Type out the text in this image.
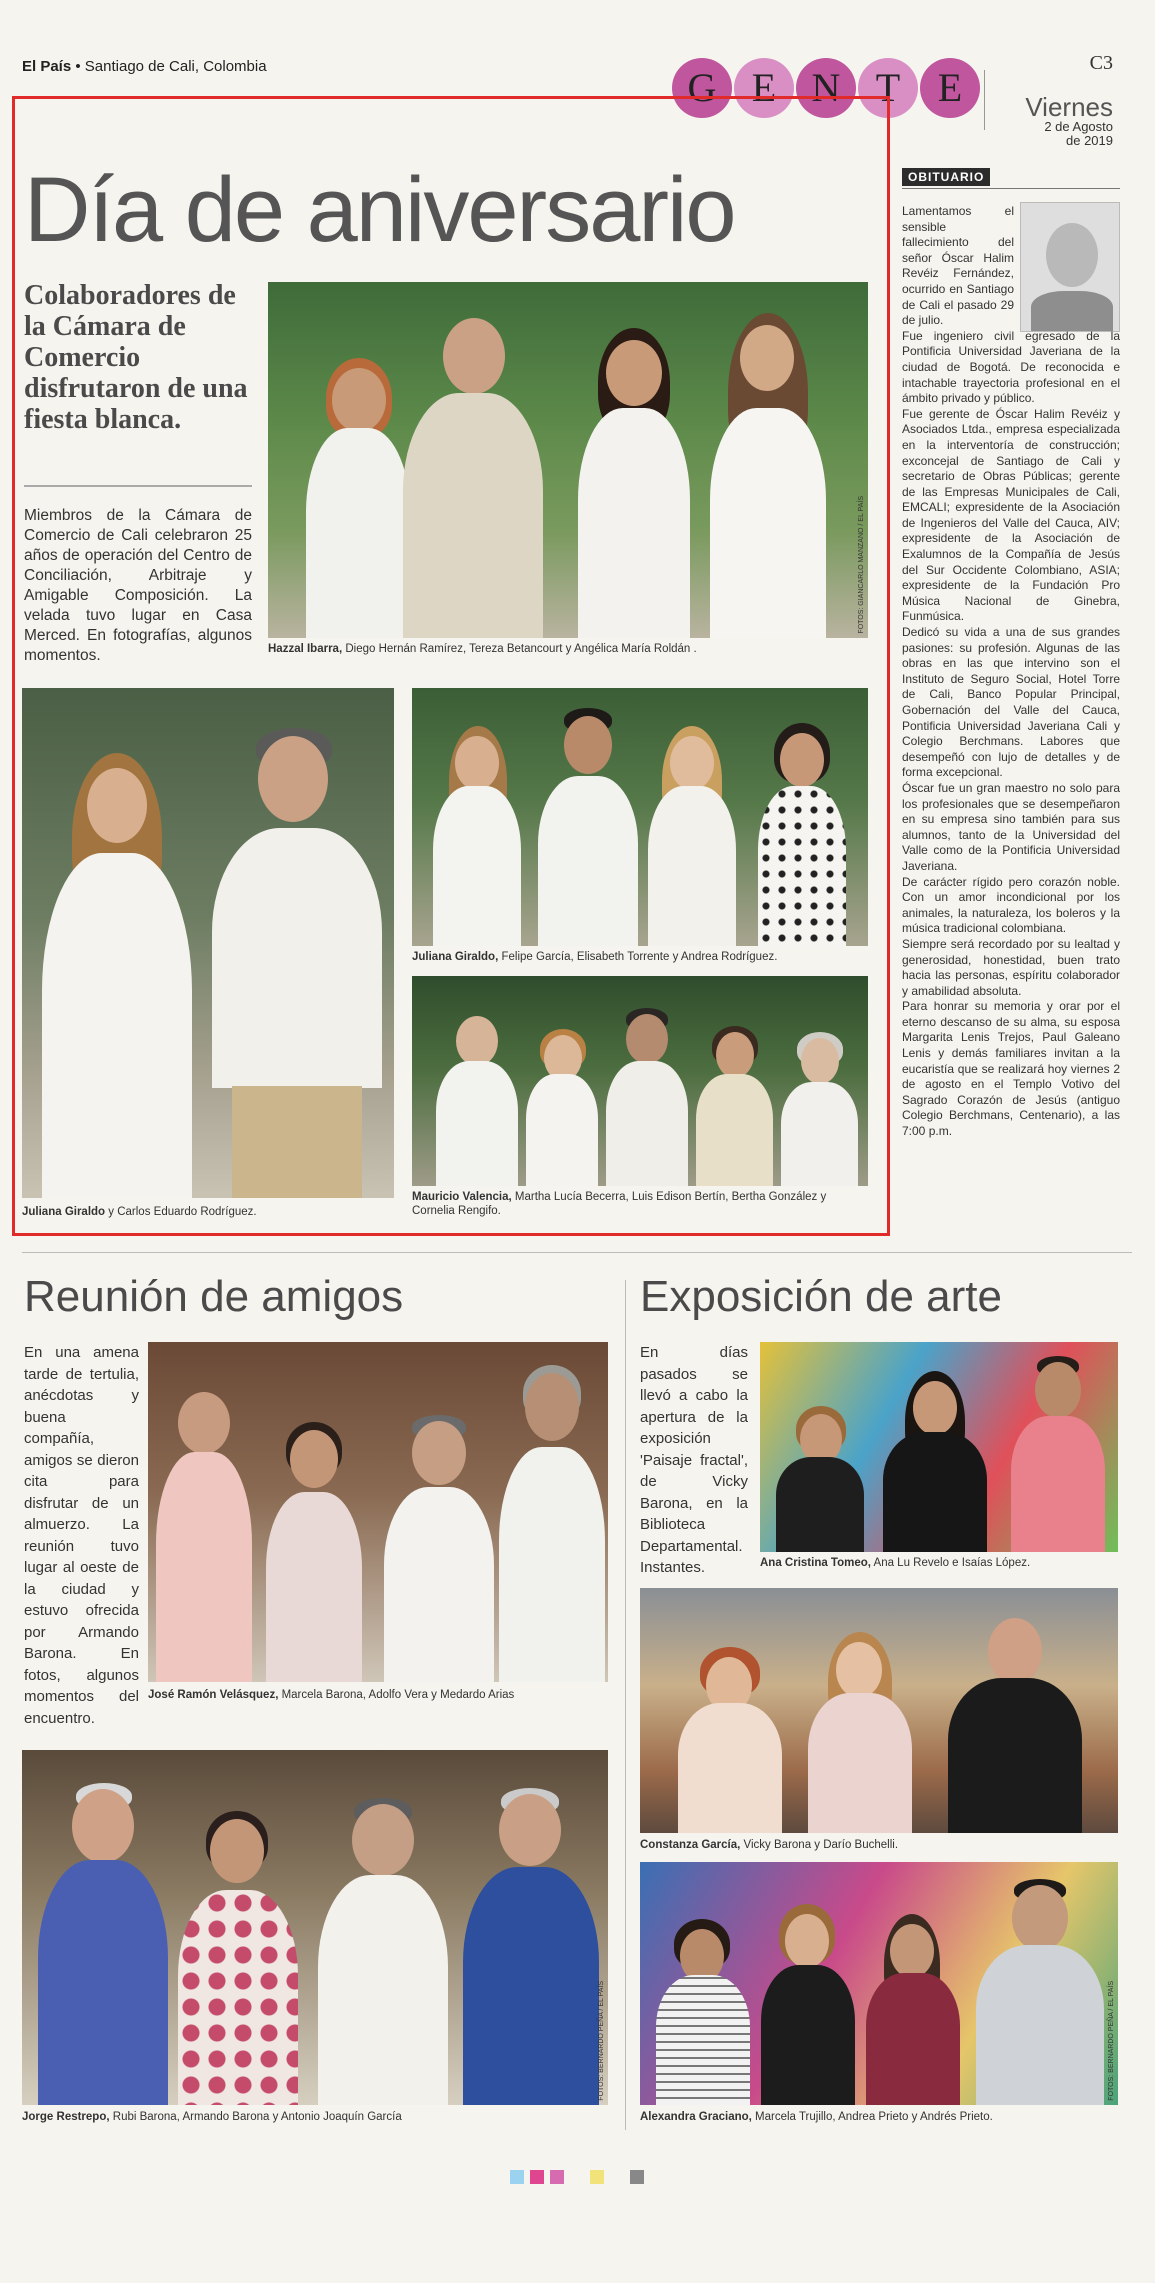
El País • Santiago de Cali, Colombia	G E N T E
C3
Viernes
2 de Agosto
de 2019
Día de aniversario
Colaboradores de la Cámara de Comercio disfrutaron de una fiesta blanca.
Miembros de la Cámara de Comercio de Cali celebraron 25 años de operación del Centro de Conciliación, Arbitraje y Amigable Composición. La velada tuvo lugar en Casa Merced. En fotografías, algunos momentos.
FOTOS: GIANCARLO MANZANO / EL PAÍS
Hazzal Ibarra, Diego Hernán Ramírez, Tereza Betancourt y Angélica María Roldán .
Juliana Giraldo y Carlos Eduardo Rodríguez.
Juliana Giraldo, Felipe García, Elisabeth Torrente y Andrea Rodríguez.
Mauricio Valencia, Martha Lucía Becerra, Luis Edison Bertín, Bertha González y Cornelia Rengifo.
OBITUARIO

Lamentamos el sensible fallecimiento del señor Óscar Halim Revéiz Fernández, ocurrido en Santiago de Cali el pasado 29 de julio.

Fue ingeniero civil egresado de la Pontificia Universidad Javeriana de la ciudad de Bogotá. De reconocida e intachable trayectoria profesional en el ámbito privado y público.

Fue gerente de Óscar Halim Revéiz y Asociados Ltda., empresa especializada en la interventoría de construcción; exconcejal de Santiago de Cali y secretario de Obras Públicas; gerente de las Empresas Municipales de Cali, EMCALI; expresidente de la Asociación de Ingenieros del Valle del Cauca, AIV; expresidente de la Asociación de Exalumnos de la Compañía de Jesús del Sur Occidente Colombiano, ASIA; expresidente de la Fundación Pro Música Nacional de Ginebra, Funmúsica.

Dedicó su vida a una de sus grandes pasiones: su profesión. Algunas de las obras en las que intervino son el Instituto de Seguro Social, Hotel Torre de Cali, Banco Popular Principal, Gobernación del Valle del Cauca, Pontificia Universidad Javeriana Cali y Colegio Berchmans. Labores que desempeñó con lujo de detalles y de forma excepcional.

Óscar fue un gran maestro no solo para los profesionales que se desempeñaron en su empresa sino también para sus alumnos, tanto de la Universidad del Valle como de la Pontificia Universidad Javeriana.

De carácter rígido pero corazón noble. Con un amor incondicional por los animales, la naturaleza, los boleros y la música tradicional colombiana.

Siempre será recordado por su lealtad y generosidad, honestidad, buen trato hacia las personas, espíritu colaborador y amabilidad absoluta.

Para honrar su memoria y orar por el eterno descanso de su alma, su esposa Margarita Lenis Trejos, Paul Galeano Lenis y demás familiares invitan a la eucaristía que se realizará hoy viernes 2 de agosto en el Templo Votivo del Sagrado Corazón de Jesús (antiguo Colegio Berchmans, Centenario), a las 7:00 p.m.

Reunión de amigos
En una amena tarde de tertulia, anécdotas y buena compañía, amigos se dieron cita para disfrutar de un almuerzo. La reunión tuvo lugar al oeste de la ciudad y estuvo ofrecida por Armando Barona. En fotos, algunos momentos del encuentro.
José Ramón Velásquez, Marcela Barona, Adolfo Vera y Medardo Arias
FOTOS: BERNARDO PEÑA / EL PAÍS
Jorge Restrepo, Rubi Barona, Armando Barona y Antonio Joaquín García
Exposición de arte
En días pasados se llevó a cabo la apertura de la exposición 'Paisaje fractal', de Vicky Barona, en la Biblioteca Departamental. Instantes.	Ana Cristina Tomeo, Ana Lu Revelo e Isaías López.
Constanza García, Vicky Barona y Darío Buchelli.
FOTOS: BERNARDO PEÑA / EL PAÍS
Alexandra Graciano, Marcela Trujillo, Andrea Prieto y Andrés Prieto.
